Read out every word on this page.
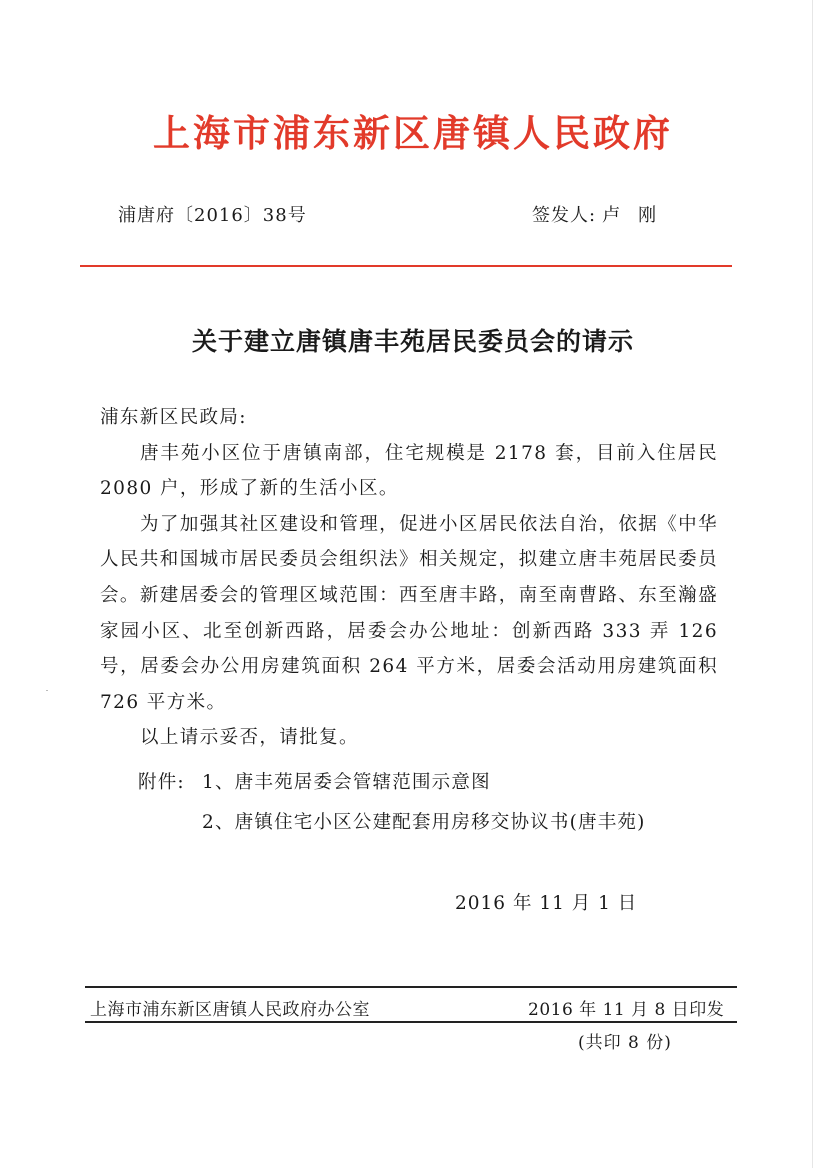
上海市浦东新区唐镇人民政府
浦唐府〔2016〕38号	签发人: 卢刚
关于建立唐镇唐丰苑居民委员会的请示

浦东新区民政局:

唐丰苑小区位于唐镇南部，住宅规模是 2178 套，目前入住居民 2080 户，形成了新的生活小区。

为了加强其社区建设和管理，促进小区居民依法自治，依据《中华人民共和国城市居民委员会组织法》相关规定，拟建立唐丰苑居民委员会。新建居委会的管理区域范围：西至唐丰路，南至南曹路、东至瀚盛家园小区、北至创新西路，居委会办公地址：创新西路 333 弄 126 号，居委会办公用房建筑面积 264 平方米，居委会活动用房建筑面积 726 平方米。

以上请示妥否，请批复。

附件: 1、唐丰苑居委会管辖范围示意图
2、唐镇住宅小区公建配套用房移交协议书(唐丰苑)
2016 年 11 月 1 日
上海市浦东新区唐镇人民政府办公室	2016 年 11 月 8 日印发
(共印 8 份)
